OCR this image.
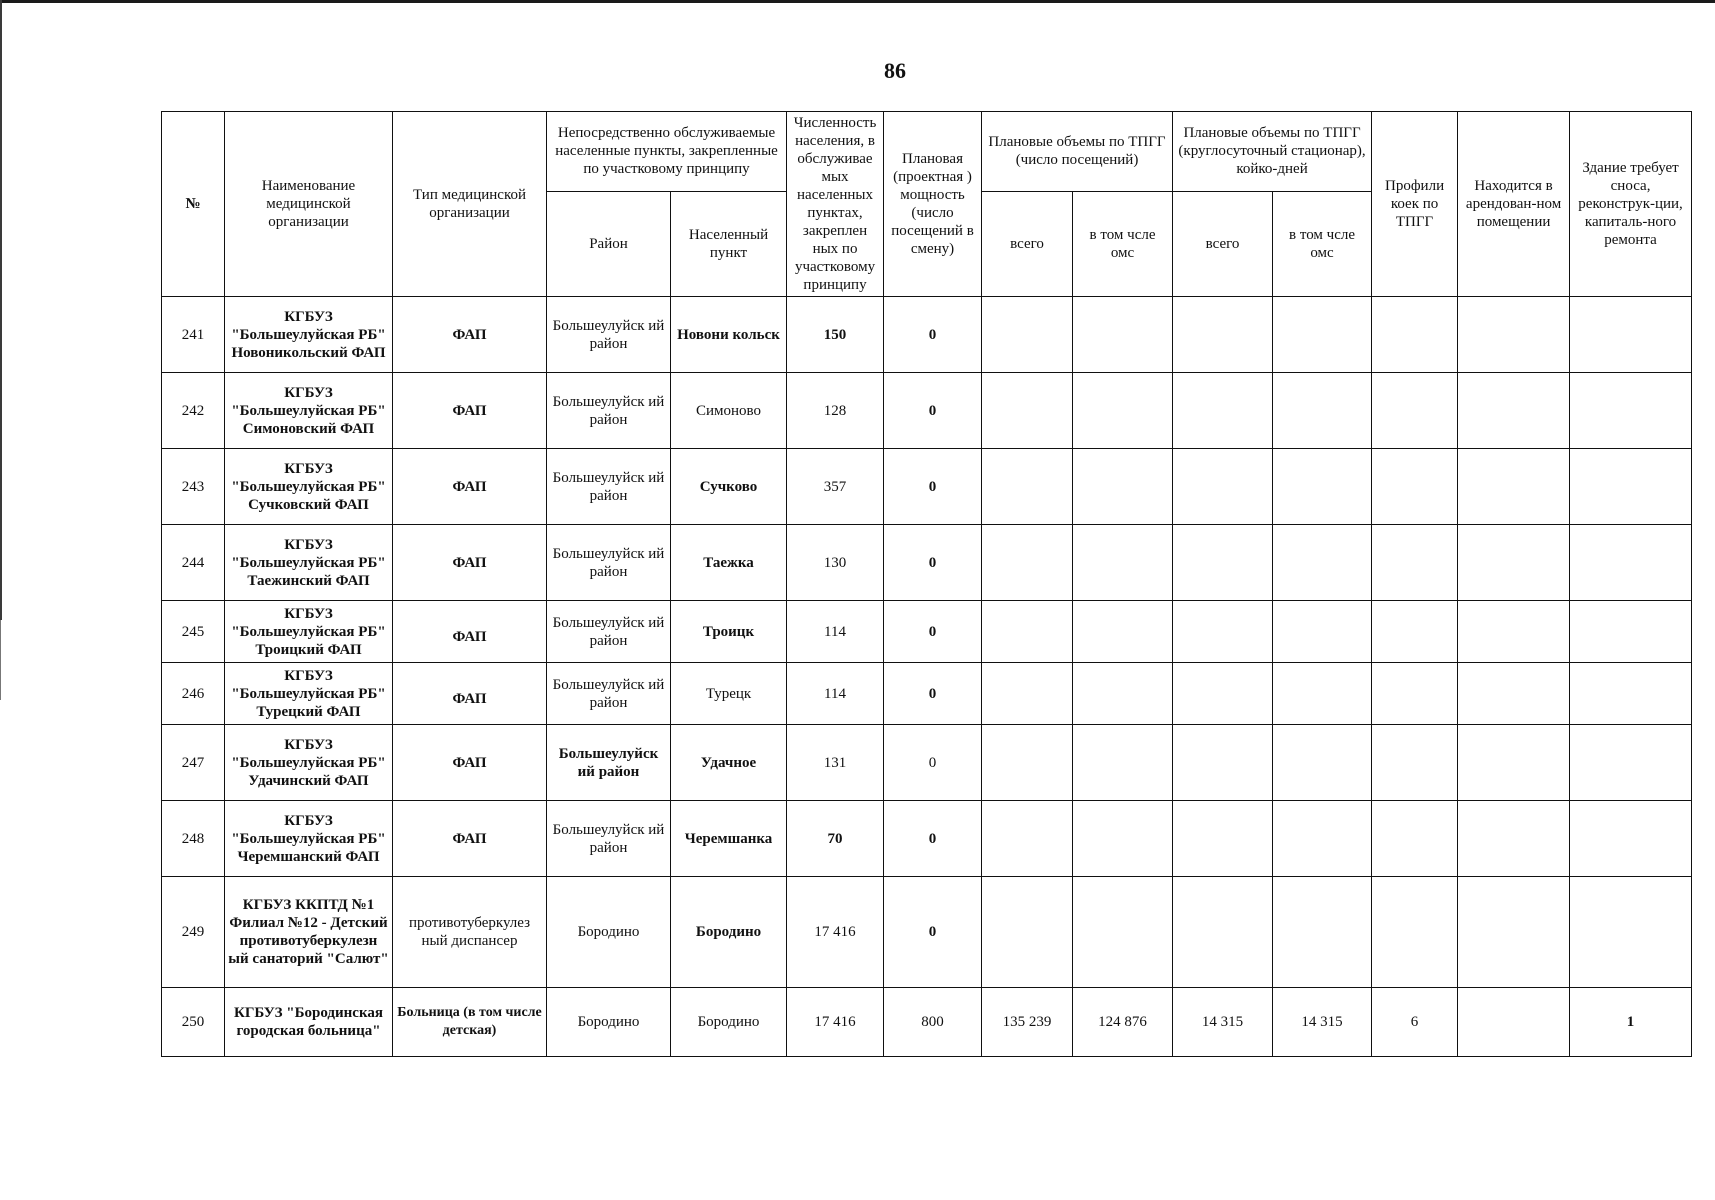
86
№	Наименование медицинской организации	Тип медицинской организации	Непосредственно обслуживаемые населенные пункты, закрепленные по участковому принципу		Численность населения, в обслуживае мых населенных пунктах, закреплен ных по участковому принципу	Плановая (проектная ) мощность (число посещений в смену)	Плановые объемы по ТПГГ (число посещений)		Плановые объемы по ТПГГ (круглосуточный стационар), койко-дней		Профили коек по ТПГГ	Находится в арендован-ном помещении	Здание требует сноса, реконструк-ции, капиталь-ного ремонта
			Район	Населенный пункт			всего	в том чсле омс	всего	в том чсле омс			
241	КГБУЗ "Большеулуйская РБ" Новоникольский ФАП	ФАП	Большеулуйск ий район	Новони кольск	150	0							
242	КГБУЗ "Большеулуйская РБ" Симоновский ФАП	ФАП	Большеулуйск ий район	Симоново	128	0							
243	КГБУЗ "Большеулуйская РБ" Сучковский ФАП	ФАП	Большеулуйск ий район	Сучково	357	0							
244	КГБУЗ "Большеулуйская РБ" Таежинский ФАП	ФАП	Большеулуйск ий район	Таежка	130	0							
245	КГБУЗ "Большеулуйская РБ" Троицкий ФАП	ФАП	Большеулуйск ий район	Троицк	114	0							
246	КГБУЗ "Большеулуйская РБ" Турецкий ФАП	ФАП	Большеулуйск ий район	Турецк	114	0							
247	КГБУЗ "Большеулуйская РБ" Удачинский ФАП	ФАП	Большеулуйск ий район	Удачное	131	0							
248	КГБУЗ "Большеулуйская РБ" Черемшанский ФАП	ФАП	Большеулуйск ий район	Черемшанка	70	0							
249	КГБУЗ ККПТД №1 Филиал №12 - Детский противотуберкулезн ый санаторий "Салют"	противотуберкулез ный диспансер	Бородино	Бородино	17 416	0							
250	КГБУЗ "Бородинская городская больница"	Больница (в том числе детская)	Бородино	Бородино	17 416	800	135 239	124 876	14 315	14 315	6		1
